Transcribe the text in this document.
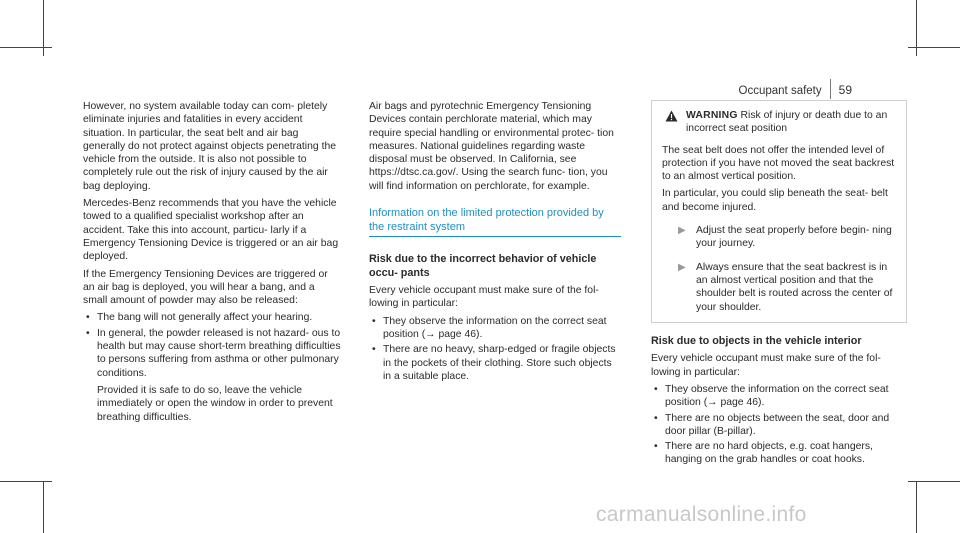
Occupant safety 59

However, no system available today can com- pletely eliminate injuries and fatalities in every accident situation. In particular, the seat belt and air bag generally do not protect against objects penetrating the vehicle from the outside. It is also not possible to completely rule out the risk of injury caused by the air bag deploying.

Mercedes-Benz recommends that you have the vehicle towed to a qualified specialist workshop after an accident. Take this into account, particu- larly if a Emergency Tensioning Device is triggered or an air bag deployed.

If the Emergency Tensioning Devices are triggered or an air bag is deployed, you will hear a bang, and a small amount of powder may also be released:

• The bang will not generally affect your hearing.
• In general, the powder released is not hazard- ous to health but may cause short-term breathing difficulties to persons suffering from asthma or other pulmonary conditions.
Provided it is safe to do so, leave the vehicle immediately or open the window in order to prevent breathing difficulties.

Air bags and pyrotechnic Emergency Tensioning Devices contain perchlorate material, which may require special handling or environmental protec- tion measures. National guidelines regarding waste disposal must be observed. In California, see https://dtsc.ca.gov/. Using the search func- tion, you will find information on perchlorate, for example.

Information on the limited protection provided by the restraint system
Risk due to the incorrect behavior of vehicle occu- pants

Every vehicle occupant must make sure of the fol- lowing in particular:

• They observe the information on the correct seat position (→ page 46).
• There are no heavy, sharp-edged or fragile objects in the pockets of their clothing. Store such objects in a suitable place.
WARNING Risk of injury or death due to an incorrect seat position

The seat belt does not offer the intended level of protection if you have not moved the seat backrest to an almost vertical position.

In particular, you could slip beneath the seat- belt and become injured.

▶ Adjust the seat properly before begin- ning your journey.
▶ Always ensure that the seat backrest is in an almost vertical position and that the shoulder belt is routed across the center of your shoulder.
Risk due to objects in the vehicle interior

Every vehicle occupant must make sure of the fol- lowing in particular:

• They observe the information on the correct seat position (→ page 46).
• There are no objects between the seat, door and door pillar (B-pillar).
• There are no hard objects, e.g. coat hangers, hanging on the grab handles or coat hooks.
carmanualsonline.info
